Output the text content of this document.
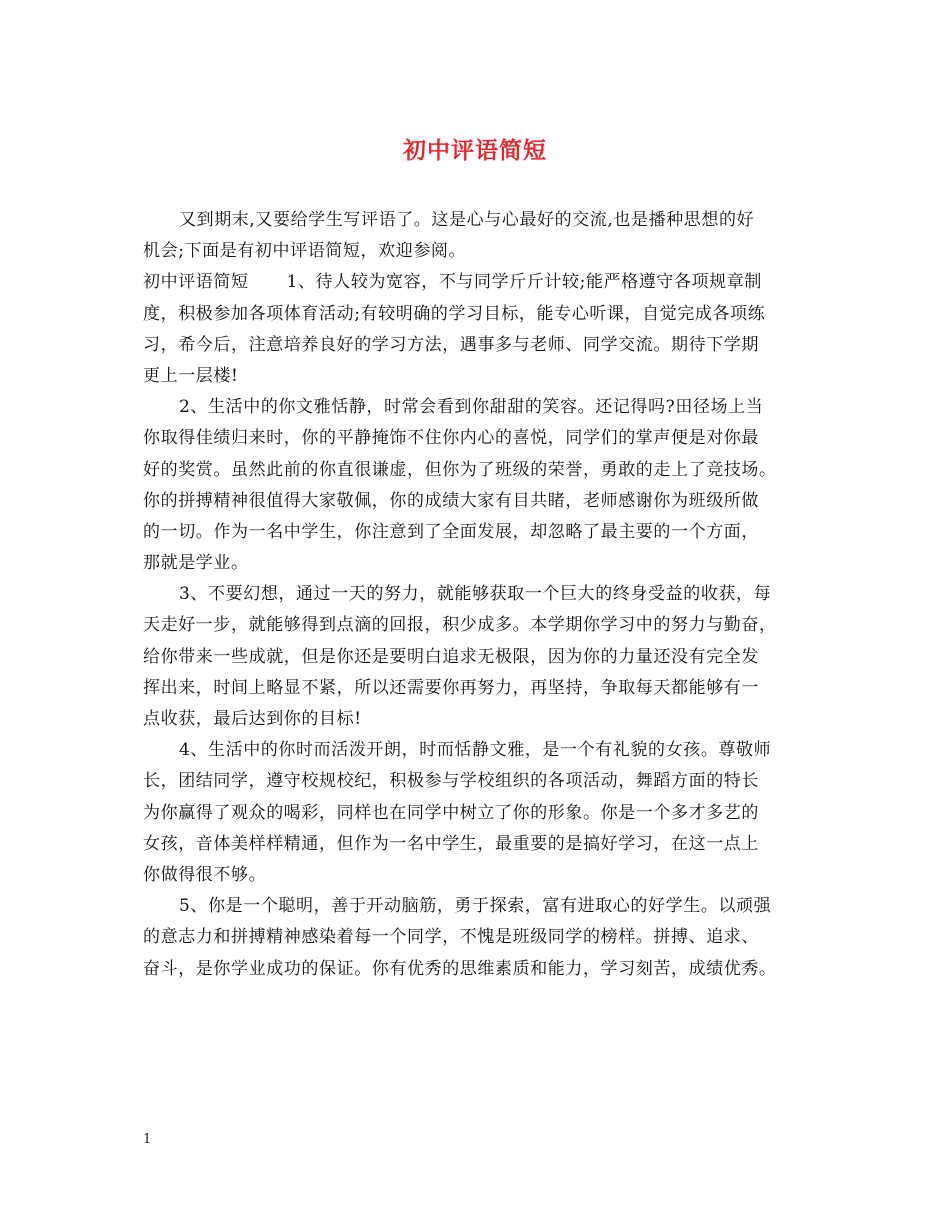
初中评语简短
又到期末,又要给学生写评语了。这是心与心最好的交流,也是播种思想的好
机会;下面是有初中评语简短，欢迎参阅。
初中评语简短 1、待人较为宽容，不与同学斤斤计较;能严格遵守各项规章制
度，积极参加各项体育活动;有较明确的学习目标，能专心听课，自觉完成各项练
习，希今后，注意培养良好的学习方法，遇事多与老师、同学交流。期待下学期
更上一层楼!
2、生活中的你文雅恬静，时常会看到你甜甜的笑容。还记得吗?田径场上当
你取得佳绩归来时，你的平静掩饰不住你内心的喜悦，同学们的掌声便是对你最
好的奖赏。虽然此前的你直很谦虚，但你为了班级的荣誉，勇敢的走上了竞技场。
你的拼搏精神很值得大家敬佩，你的成绩大家有目共睹，老师感谢你为班级所做
的一切。作为一名中学生，你注意到了全面发展，却忽略了最主要的一个方面，
那就是学业。
3、不要幻想，通过一天的努力，就能够获取一个巨大的终身受益的收获，每
天走好一步，就能够得到点滴的回报，积少成多。本学期你学习中的努力与勤奋，
给你带来一些成就，但是你还是要明白追求无极限，因为你的力量还没有完全发
挥出来，时间上略显不紧，所以还需要你再努力，再坚持，争取每天都能够有一
点收获，最后达到你的目标!
4、生活中的你时而活泼开朗，时而恬静文雅，是一个有礼貌的女孩。尊敬师
长，团结同学，遵守校规校纪，积极参与学校组织的各项活动，舞蹈方面的特长
为你赢得了观众的喝彩，同样也在同学中树立了你的形象。你是一个多才多艺的
女孩，音体美样样精通，但作为一名中学生，最重要的是搞好学习，在这一点上
你做得很不够。
5、你是一个聪明，善于开动脑筋，勇于探索，富有进取心的好学生。以顽强
的意志力和拼搏精神感染着每一个同学，不愧是班级同学的榜样。拼搏、追求、
奋斗，是你学业成功的保证。你有优秀的思维素质和能力，学习刻苦，成绩优秀。
1
